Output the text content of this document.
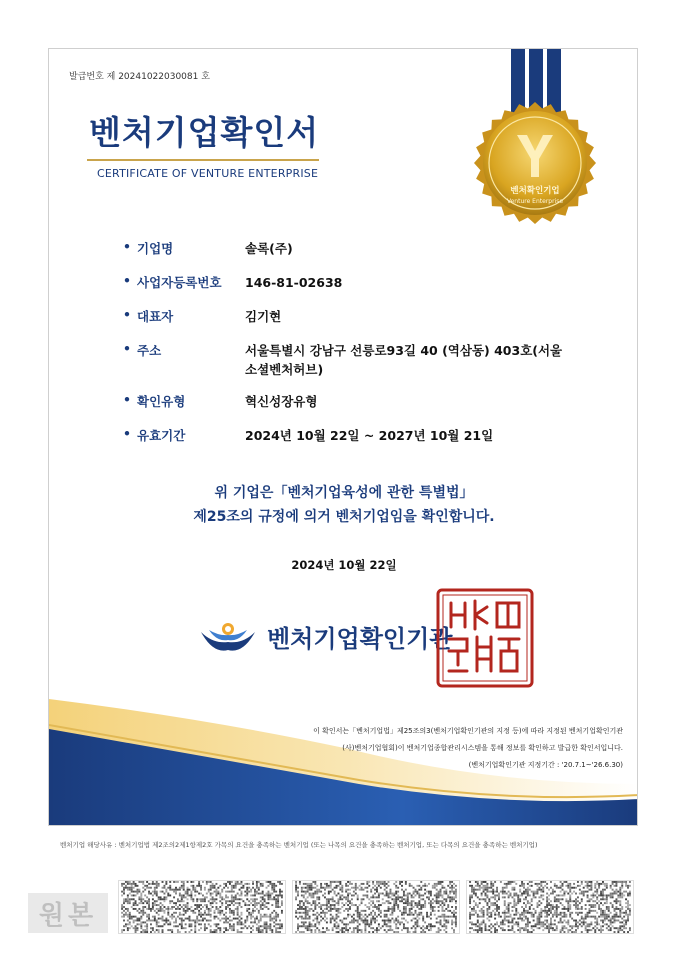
발급번호 제 20241022030081 호
벤처기업확인서
CERTIFICATE OF VENTURE ENTERPRISE
벤처확인기업
Venture Enterprise
• 기업명	솔록(주)
• 사업자등록번호 146-81-02638
• 대표자	김기현
• 주소	서울특별시 강남구 선릉로93길 40 (역삼동) 403호(서울 소셜벤처허브)
• 확인유형	혁신성장유형
• 유효기간	2024년 10월 22일 ~ 2027년 10월 21일
위 기업은「벤처기업육성에 관한 특별법」
제25조의 규정에 의거 벤처기업임을 확인합니다.
2024년 10월 22일
벤처기업확인기관
이 확인서는「벤처기업법」제25조의3(벤처기업확인기관의 지정 등)에 따라 지정된 벤처기업확인기관
(사)벤처기업협회)이 벤처기업종합관리시스템을 통해 정보를 확인하고 발급한 확인서입니다.
(벤처기업확인기관 지정기간 : '20.7.1~'26.6.30)
벤처기업 해당사유 : 벤처기업법 제2조의2제1항제2호 가목의 요건을 충족하는 벤처기업 (또는 나목의 요건을 충족하는 벤처기업, 또는 다목의 요건을 충족하는 벤처기업)
원본
